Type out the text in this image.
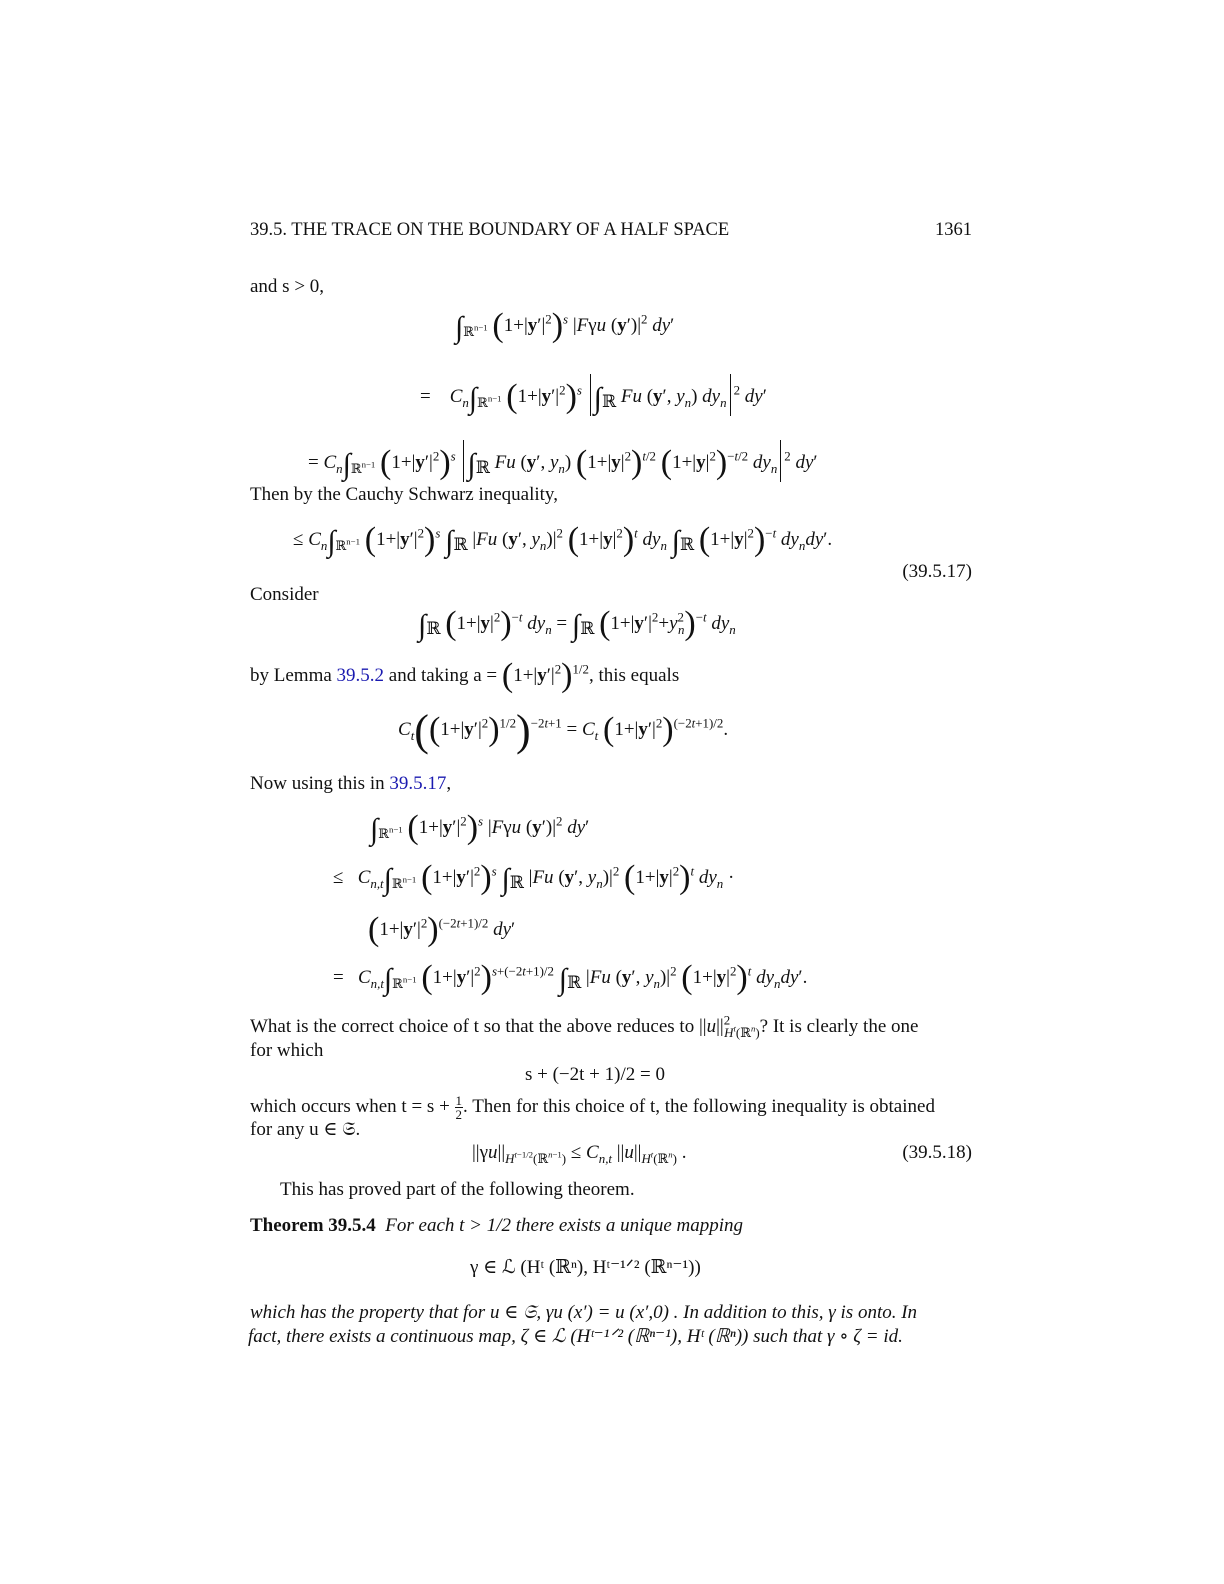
39.5. THE TRACE ON THE BOUNDARY OF A HALF SPACE	1361
and s > 0,
$\int_{ℝ^{n-1}}$ $(1+|y'|^2)^s$ |Fγu $(y')|^2$ dy′
=    $C_n\int_{ℝ^{n-1}}$ $(1+|y'|^2)^s$ $\int_ℝ$ Fu (y′, $y_n$) $dy_n^2$ dy′
= $C_n\int_{ℝ^{n-1}}$ $(1+|y'|^2)^s$ $\int_ℝ$ Fu (y′, $y_n$) $(1+|y|^2)^{t/2}$ $(1+|y|^2)^{-t/2}$ $dy_n^2$ dy′
Then by the Cauchy Schwarz inequality,
≤ $C_n\int_{ℝ^{n-1}}$ $(1+|y'|^2)^s$ $\int_ℝ$ |Fu (y′, $y_n)|^2$ $(1+|y|^2)^t$ $dy_n$ $\int_ℝ$ $(1+|y|^2)^{-t}$ $dy_ndy'$.
(39.5.17)
Consider
$\int_ℝ$ $(1+|y|^2)^{-t}$ $dy_n = \int_ℝ$ $(1+|y'|^2+y^2_n)^{-t}$ $dy_n$
by Lemma 39.5.2 and taking $a = (1+|y'|^2)^{1/2}$, this equals
$C_t((1+|y'|^2)^{1/2})^{-2t+1} = C_t$ $(1+|y'|^2)^{(-2t+1)/2}$.
Now using this in 39.5.17,
$\int_{ℝ^{n-1}}$ $(1+|y'|^2)^s$ |Fγu $(y')|^2$ dy′
≤   $C_{n,t}\int_{ℝ^{n-1}}$ $(1+|y'|^2)^s$ $\int_ℝ$ |Fu (y′, $y_n)|^2$ $(1+|y|^2)^t$ $dy_n$ ·
$(1+|y'|^2)^{(-2t+1)/2}$ dy′
=   $C_{n,t}\int_{ℝ^{n-1}}$ $(1+|y'|^2)^{s+(-2t+1)/2}$ $\int_ℝ$ |Fu (y′, $y_n)|^2$ $(1+|y|^2)^t$ $dy_ndy'$.
What is the correct choice of t so that the above reduces to $||u||^2_{H^t(ℝ^n)}$? It is clearly the one
for which
s + (−2t + 1)/2 = 0
which occurs when $t = s + \frac{1}{2}$ . Then for this choice of t, the following inequality is obtained
for any u ∈ 𝔖.
$||\gamma u||_{H^{t-1/2}(ℝ^{n-1})} \le C_{n,t}$ $||u||_{H^t(ℝ^n)}$ .	(39.5.18)
This has proved part of the following theorem.
Theorem 39.5.4 For each t > 1/2 there exists a unique mapping
γ ∈ ℒ (Hᵗ (ℝⁿ), Hᵗ⁻¹ᐟ² (ℝⁿ⁻¹))
which has the property that for u ∈ 𝔖, γu (x′) = u (x′,0) . In addition to this, γ is onto. In
fact, there exists a continuous map, ζ ∈ ℒ (Hᵗ⁻¹ᐟ² (ℝⁿ⁻¹), Hᵗ (ℝⁿ)) such that γ ∘ ζ = id.
